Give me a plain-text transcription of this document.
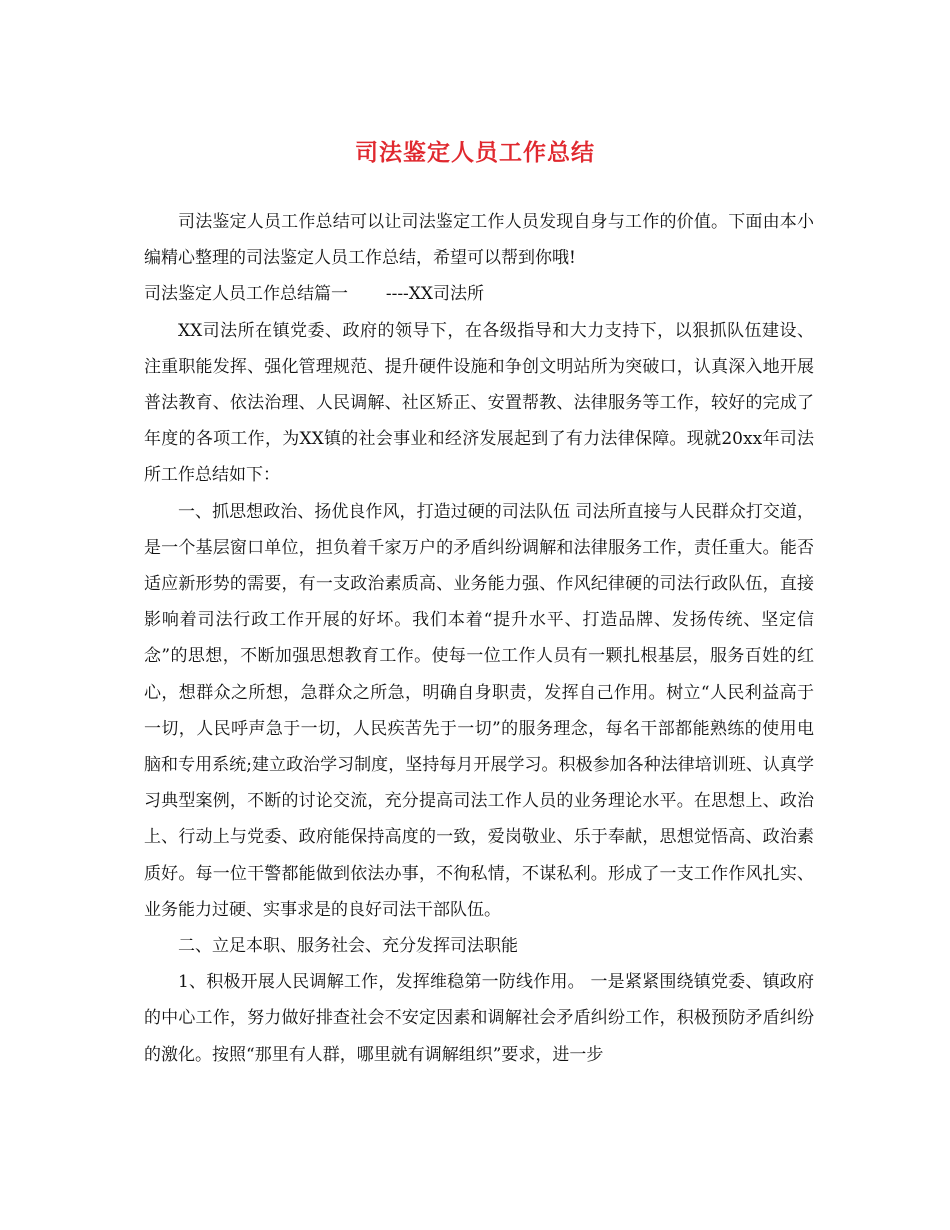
司法鉴定人员工作总结

司法鉴定人员工作总结可以让司法鉴定工作人员发现自身与工作的价值。下面由本小编精心整理的司法鉴定人员工作总结，希望可以帮到你哦!

司法鉴定人员工作总结篇一       ----XX司法所

XX司法所在镇党委、政府的领导下，在各级指导和大力支持下，以狠抓队伍建设、注重职能发挥、强化管理规范、提升硬件设施和争创文明站所为突破口，认真深入地开展普法教育、依法治理、人民调解、社区矫正、安置帮教、法律服务等工作，较好的完成了年度的各项工作，为XX镇的社会事业和经济发展起到了有力法律保障。现就20xx年司法所工作总结如下：

一、抓思想政治、扬优良作风，打造过硬的司法队伍 司法所直接与人民群众打交道，是一个基层窗口单位，担负着千家万户的矛盾纠纷调解和法律服务工作，责任重大。能否适应新形势的需要，有一支政治素质高、业务能力强、作风纪律硬的司法行政队伍，直接影响着司法行政工作开展的好坏。我们本着“提升水平、打造品牌、发扬传统、坚定信念”的思想，不断加强思想教育工作。使每一位工作人员有一颗扎根基层，服务百姓的红心，想群众之所想，急群众之所急，明确自身职责，发挥自己作用。树立“人民利益高于一切，人民呼声急于一切，人民疾苦先于一切”的服务理念，每名干部都能熟练的使用电脑和专用系统;建立政治学习制度，坚持每月开展学习。积极参加各种法律培训班、认真学习典型案例，不断的讨论交流，充分提高司法工作人员的业务理论水平。在思想上、政治上、行动上与党委、政府能保持高度的一致，爱岗敬业、乐于奉献，思想觉悟高、政治素质好。每一位干警都能做到依法办事，不徇私情，不谋私利。形成了一支工作作风扎实、业务能力过硬、实事求是的良好司法干部队伍。

二、立足本职、服务社会、充分发挥司法职能

1、积极开展人民调解工作，发挥维稳第一防线作用。 一是紧紧围绕镇党委、镇政府的中心工作，努力做好排查社会不安定因素和调解社会矛盾纠纷工作，积极预防矛盾纠纷的激化。按照“那里有人群，哪里就有调解组织”要求，进一步
